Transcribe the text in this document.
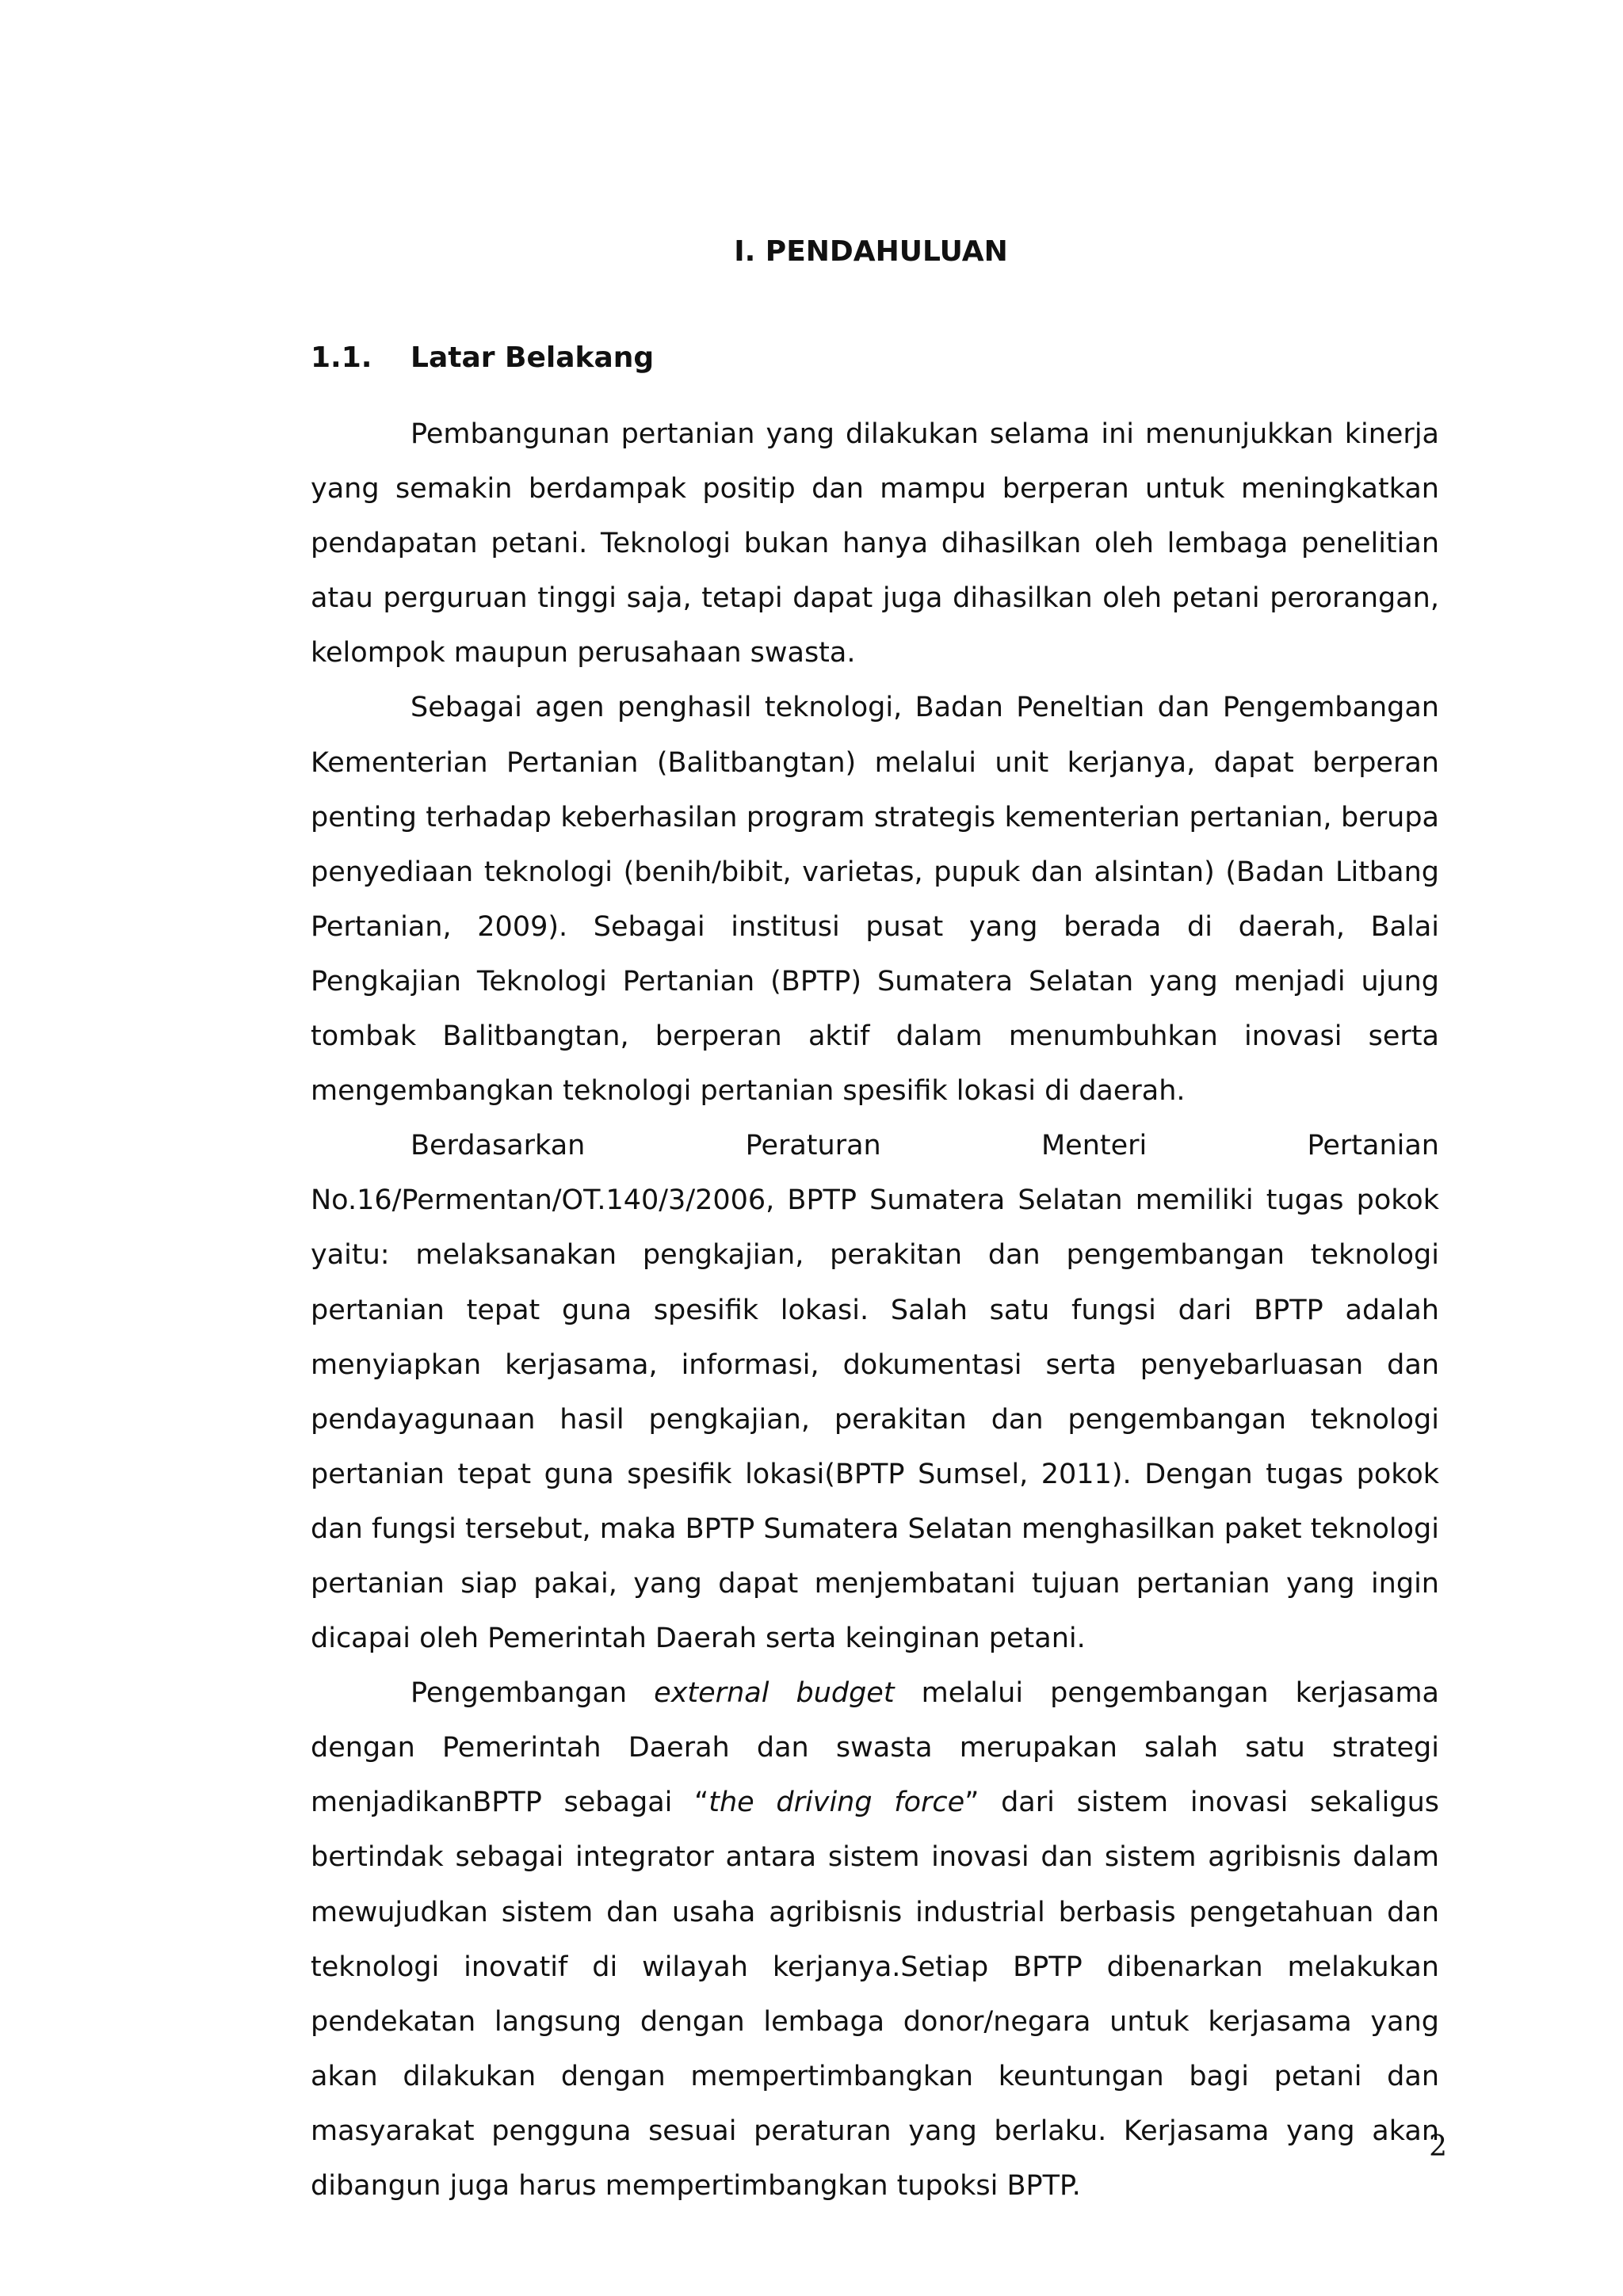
I. PENDAHULUAN
1.1. Latar Belakang

Pembangunan pertanian yang dilakukan selama ini menunjukkan kinerja yang semakin berdampak positip dan mampu berperan untuk meningkatkan pendapatan petani. Teknologi bukan hanya dihasilkan oleh lembaga penelitian atau perguruan tinggi saja, tetapi dapat juga dihasilkan oleh petani perorangan, kelompok maupun perusahaan swasta.

Sebagai agen penghasil teknologi, Badan Peneltian dan Pengembangan Kementerian Pertanian (Balitbangtan) melalui unit kerjanya, dapat berperan penting terhadap keberhasilan program strategis kementerian pertanian, berupa penyediaan teknologi (benih/bibit, varietas, pupuk dan alsintan) (Badan Litbang Pertanian, 2009). Sebagai institusi pusat yang berada di daerah, Balai Pengkajian Teknologi Pertanian (BPTP) Sumatera Selatan yang menjadi ujung tombak Balitbangtan, berperan aktif dalam menumbuhkan inovasi serta mengembangkan teknologi pertanian spesifik lokasi di daerah.

Berdasarkan Peraturan Menteri Pertanian No.16/Permentan/OT.140/3/2006, BPTP Sumatera Selatan memiliki tugas pokok yaitu: melaksanakan pengkajian, perakitan dan pengembangan teknologi pertanian tepat guna spesifik lokasi. Salah satu fungsi dari BPTP adalah menyiapkan kerjasama, informasi, dokumentasi serta penyebarluasan dan pendayagunaan hasil pengkajian, perakitan dan pengembangan teknologi pertanian tepat guna spesifik lokasi(BPTP Sumsel, 2011). Dengan tugas pokok dan fungsi tersebut, maka BPTP Sumatera Selatan menghasilkan paket teknologi pertanian siap pakai, yang dapat menjembatani tujuan pertanian yang ingin dicapai oleh Pemerintah Daerah serta keinginan petani.

Pengembangan external budget melalui pengembangan kerjasama dengan Pemerintah Daerah dan swasta merupakan salah satu strategi menjadikanBPTP sebagai “the driving force” dari sistem inovasi sekaligus bertindak sebagai integrator antara sistem inovasi dan sistem agribisnis dalam mewujudkan sistem dan usaha agribisnis industrial berbasis pengetahuan dan teknologi inovatif di wilayah kerjanya.Setiap BPTP dibenarkan melakukan pendekatan langsung dengan lembaga donor/negara untuk kerjasama yang akan dilakukan dengan mempertimbangkan keuntungan bagi petani dan masyarakat pengguna sesuai peraturan yang berlaku. Kerjasama yang akan dibangun juga harus mempertimbangkan tupoksi BPTP.

2
